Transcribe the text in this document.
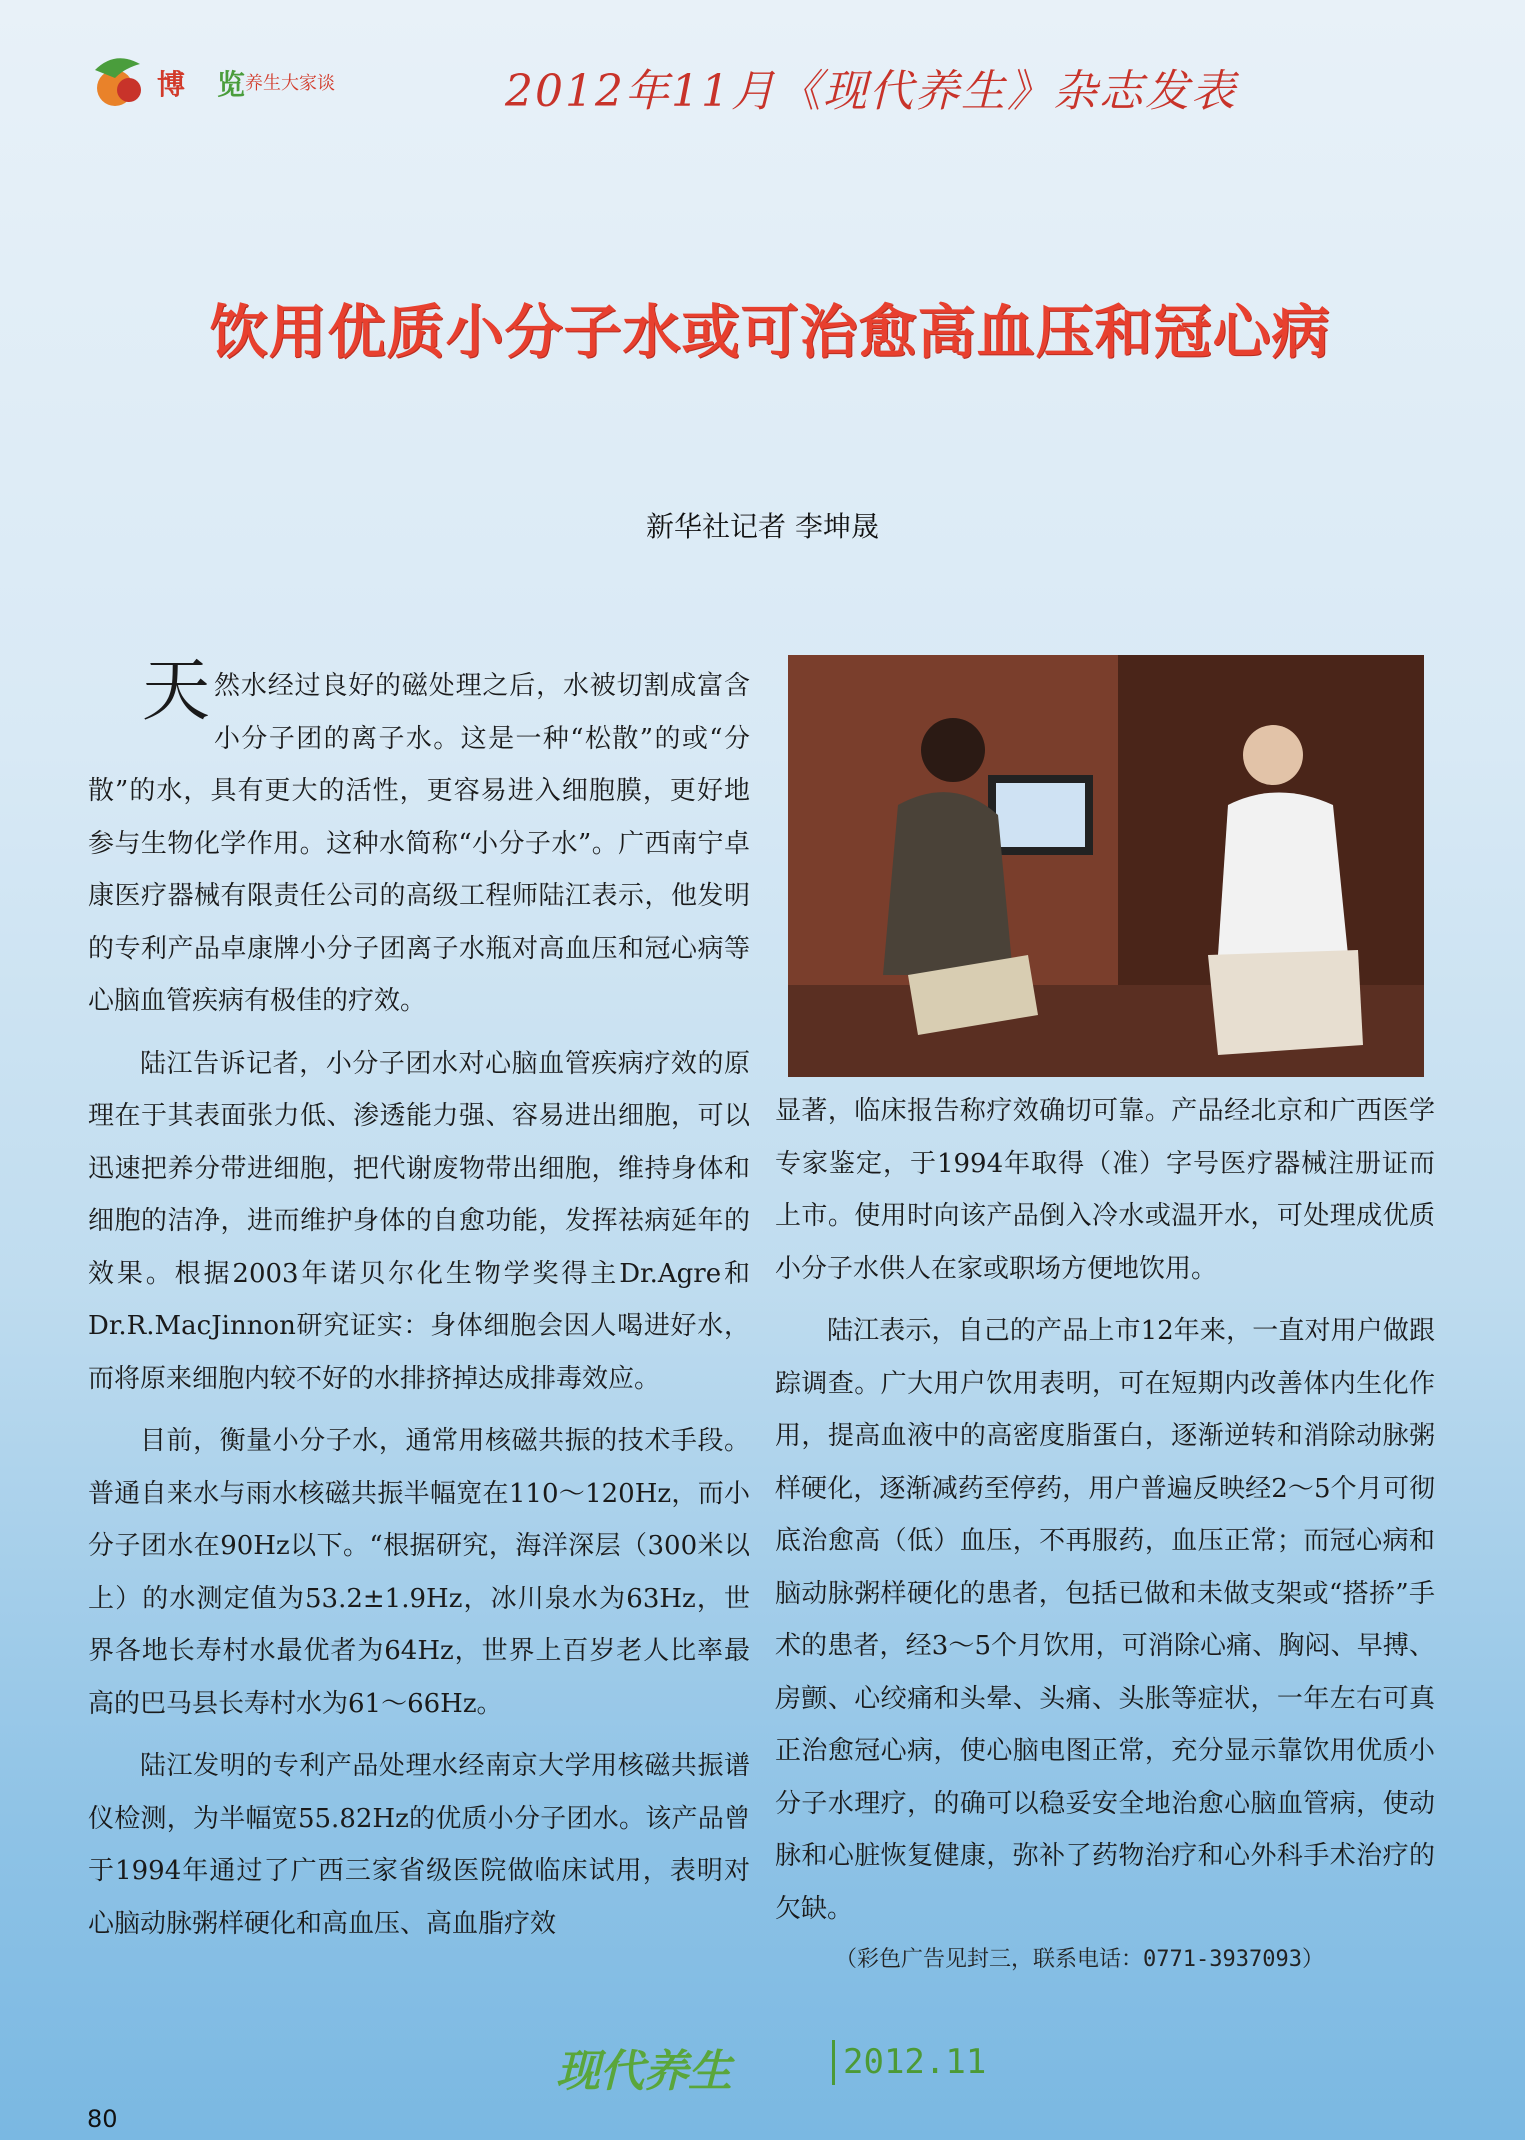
博 览 养生大家谈	2012年11月《现代养生》杂志发表
饮用优质小分子水或可治愈高血压和冠心病
新华社记者 李坤晟

天然水经过良好的磁处理之后，水被切割成富含小分子团的离子水。这是一种“松散”的或“分散”的水，具有更大的活性，更容易进入细胞膜，更好地参与生物化学作用。这种水简称“小分子水”。广西南宁卓康医疗器械有限责任公司的高级工程师陆江表示，他发明的专利产品卓康牌小分子团离子水瓶对高血压和冠心病等心脑血管疾病有极佳的疗效。

陆江告诉记者，小分子团水对心脑血管疾病疗效的原理在于其表面张力低、渗透能力强、容易进出细胞，可以迅速把养分带进细胞，把代谢废物带出细胞，维持身体和细胞的洁净，进而维护身体的自愈功能，发挥祛病延年的效果。根据2003年诺贝尔化生物学奖得主Dr.Agre和Dr.R.MacJinnon研究证实：身体细胞会因人喝进好水，而将原来细胞内较不好的水排挤掉达成排毒效应。

目前，衡量小分子水，通常用核磁共振的技术手段。普通自来水与雨水核磁共振半幅宽在110～120Hz，而小分子团水在90Hz以下。“根据研究，海洋深层（300米以上）的水测定值为53.2±1.9Hz，冰川泉水为63Hz，世界各地长寿村水最优者为64Hz，世界上百岁老人比率最高的巴马县长寿村水为61～66Hz。

陆江发明的专利产品处理水经南京大学用核磁共振谱仪检测，为半幅宽55.82Hz的优质小分子团水。该产品曾于1994年通过了广西三家省级医院做临床试用，表明对心脑动脉粥样硬化和高血压、高血脂疗效

显著，临床报告称疗效确切可靠。产品经北京和广西医学专家鉴定，于1994年取得（准）字号医疗器械注册证而上市。使用时向该产品倒入冷水或温开水，可处理成优质小分子水供人在家或职场方便地饮用。

陆江表示，自己的产品上市12年来，一直对用户做跟踪调查。广大用户饮用表明，可在短期内改善体内生化作用，提高血液中的高密度脂蛋白，逐渐逆转和消除动脉粥样硬化，逐渐减药至停药，用户普遍反映经2～5个月可彻底治愈高（低）血压，不再服药，血压正常；而冠心病和脑动脉粥样硬化的患者，包括已做和未做支架或“搭挢”手术的患者，经3～5个月饮用，可消除心痛、胸闷、早搏、房颤、心绞痛和头晕、头痛、头胀等症状，一年左右可真正治愈冠心病，使心脑电图正常，充分显示靠饮用优质小分子水理疗，的确可以稳妥安全地治愈心脑血管病，使动脉和心脏恢复健康，弥补了药物治疗和心外科手术治疗的欠缺。

（彩色广告见封三，联系电话：0771-3937093）
现代养生	2012.11
80
